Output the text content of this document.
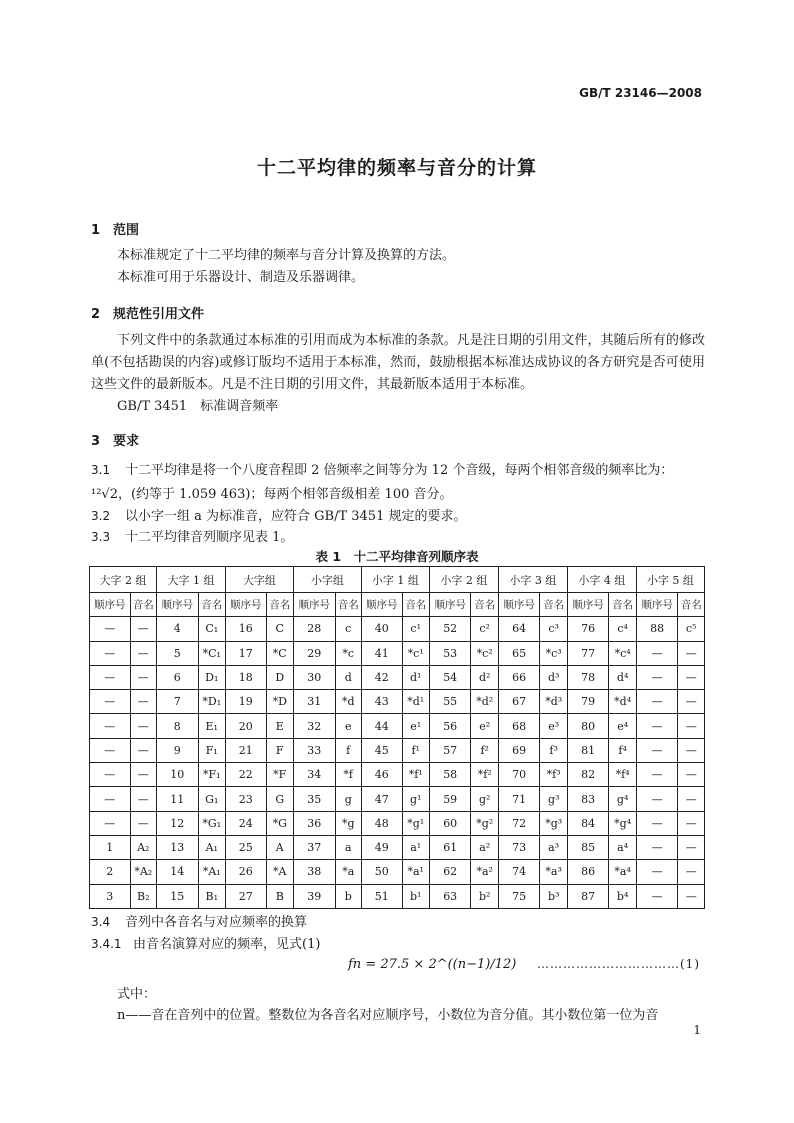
GB/T 23146—2008
十二平均律的频率与音分的计算
1 范围
本标准规定了十二平均律的频率与音分计算及换算的方法。
本标准可用于乐器设计、制造及乐器调律。
2 规范性引用文件
下列文件中的条款通过本标准的引用而成为本标准的条款。凡是注日期的引用文件，其随后所有的修改单(不包括勘误的内容)或修订版均不适用于本标准，然而，鼓励根据本标准达成协议的各方研究是否可使用这些文件的最新版本。凡是不注日期的引用文件，其最新版本适用于本标准。
GB/T 3451　标准调音频率
3 要求
3.1 十二平均律是将一个八度音程即 2 倍频率之间等分为 12 个音级，每两个相邻音级的频率比为：
¹²√2，(约等于 1.059 463)；每两个相邻音级相差 100 音分。
3.2 以小字一组 a 为标准音，应符合 GB/T 3451 规定的要求。
3.3 十二平均律音列顺序见表 1。
表 1　十二平均律音列顺序表
大字 2 组		大字 1 组		大字组		小字组		小字 1 组		小字 2 组		小字 3 组		小字 4 组		小字 5 组	
顺序号	音名	顺序号	音名	顺序号	音名	顺序号	音名	顺序号	音名	顺序号	音名	顺序号	音名	顺序号	音名	顺序号	音名
—	—	4	C₁	16	C	28	c	40	c¹	52	c²	64	c³	76	c⁴	88	c⁵
—	—	5	*C₁	17	*C	29	*c	41	*c¹	53	*c²	65	*c³	77	*c⁴	—	—
—	—	6	D₁	18	D	30	d	42	d¹	54	d²	66	d³	78	d⁴	—	—
—	—	7	*D₁	19	*D	31	*d	43	*d¹	55	*d²	67	*d³	79	*d⁴	—	—
—	—	8	E₁	20	E	32	e	44	e¹	56	e²	68	e³	80	e⁴	—	—
—	—	9	F₁	21	F	33	f	45	f¹	57	f²	69	f³	81	f⁴	—	—
—	—	10	*F₁	22	*F	34	*f	46	*f¹	58	*f²	70	*f³	82	*f⁴	—	—
—	—	11	G₁	23	G	35	g	47	g¹	59	g²	71	g³	83	g⁴	—	—
—	—	12	*G₁	24	*G	36	*g	48	*g¹	60	*g²	72	*g³	84	*g⁴	—	—
1	A₂	13	A₁	25	A	37	a	49	a¹	61	a²	73	a³	85	a⁴	—	—
2	*A₂	14	*A₁	26	*A	38	*a	50	*a¹	62	*a²	74	*a³	86	*a⁴	—	—
3	B₂	15	B₁	27	B	39	b	51	b¹	63	b²	75	b³	87	b⁴	—	—
3.4 音列中各音名与对应频率的换算
3.4.1 由音名演算对应的频率，见式(1)
fn = 27.5 × 2^((n−1)/12) ……………………………(1)
式中：
n——音在音列中的位置。整数位为各音名对应顺序号，小数位为音分值。其小数位第一位为音
1
